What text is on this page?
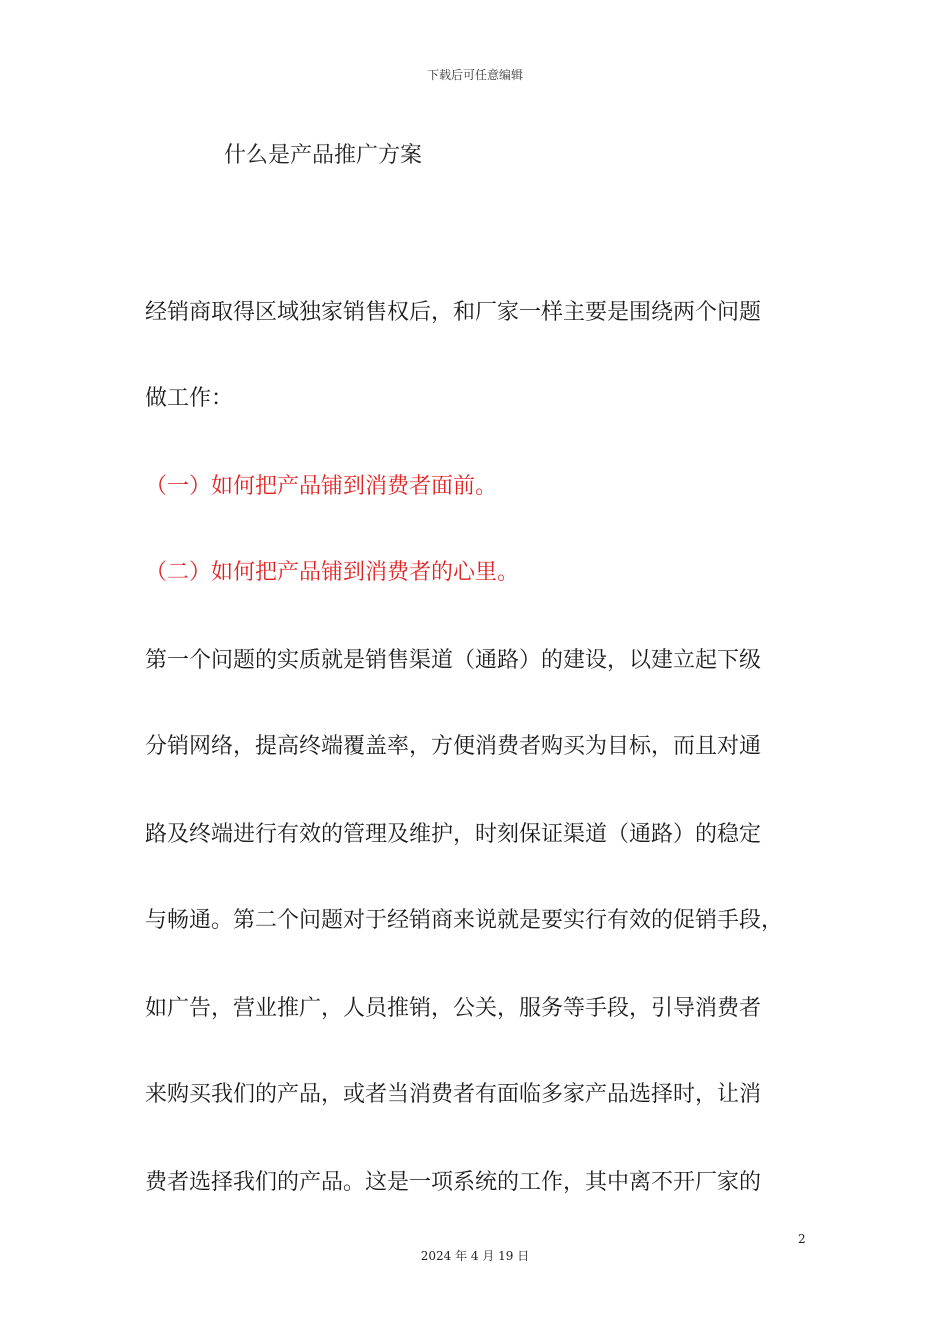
下载后可任意编辑
什么是产品推广方案
经销商取得区域独家销售权后，和厂家一样主要是围绕两个问题
做工作：
（一）如何把产品铺到消费者面前。
（二）如何把产品铺到消费者的心里。
第一个问题的实质就是销售渠道（通路）的建设，以建立起下级
分销网络，提高终端覆盖率，方便消费者购买为目标，而且对通
路及终端进行有效的管理及维护，时刻保证渠道（通路）的稳定
与畅通。第二个问题对于经销商来说就是要实行有效的促销手段，
如广告，营业推广，人员推销，公关，服务等手段，引导消费者
来购买我们的产品，或者当消费者有面临多家产品选择时，让消
费者选择我们的产品。这是一项系统的工作，其中离不开厂家的
2
2024 年 4 月 19 日
